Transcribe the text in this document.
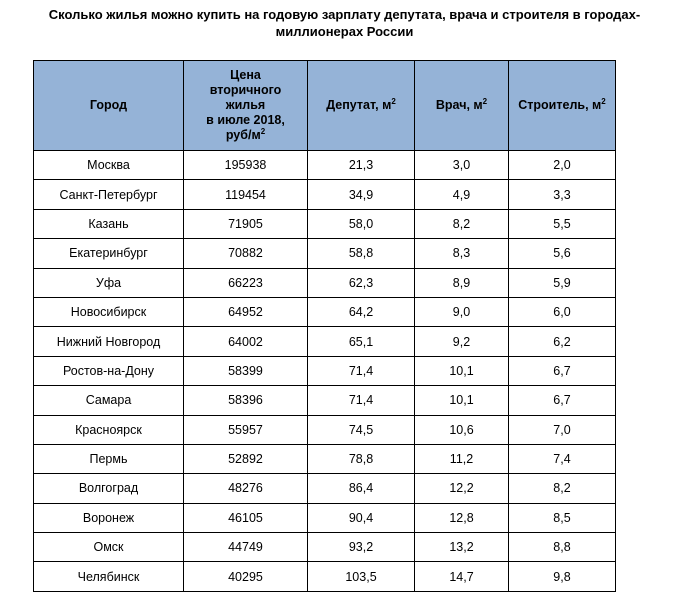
Сколько жилья можно купить на годовую зарплату депутата, врача и строителя в городах-
миллионерах России
Город	Цена
вторичного
жилья
в июле 2018,
руб/$м^2$	Депутат, $м^2$	Врач, $м^2$	Строитель, $м^2$
Москва	195938	21,3	3,0	2,0
Санкт-Петербург	119454	34,9	4,9	3,3
Казань	71905	58,0	8,2	5,5
Екатеринбург	70882	58,8	8,3	5,6
Уфа	66223	62,3	8,9	5,9
Новосибирск	64952	64,2	9,0	6,0
Нижний Новгород	64002	65,1	9,2	6,2
Ростов-на-Дону	58399	71,4	10,1	6,7
Самара	58396	71,4	10,1	6,7
Красноярск	55957	74,5	10,6	7,0
Пермь	52892	78,8	11,2	7,4
Волгоград	48276	86,4	12,2	8,2
Воронеж	46105	90,4	12,8	8,5
Омск	44749	93,2	13,2	8,8
Челябинск	40295	103,5	14,7	9,8
